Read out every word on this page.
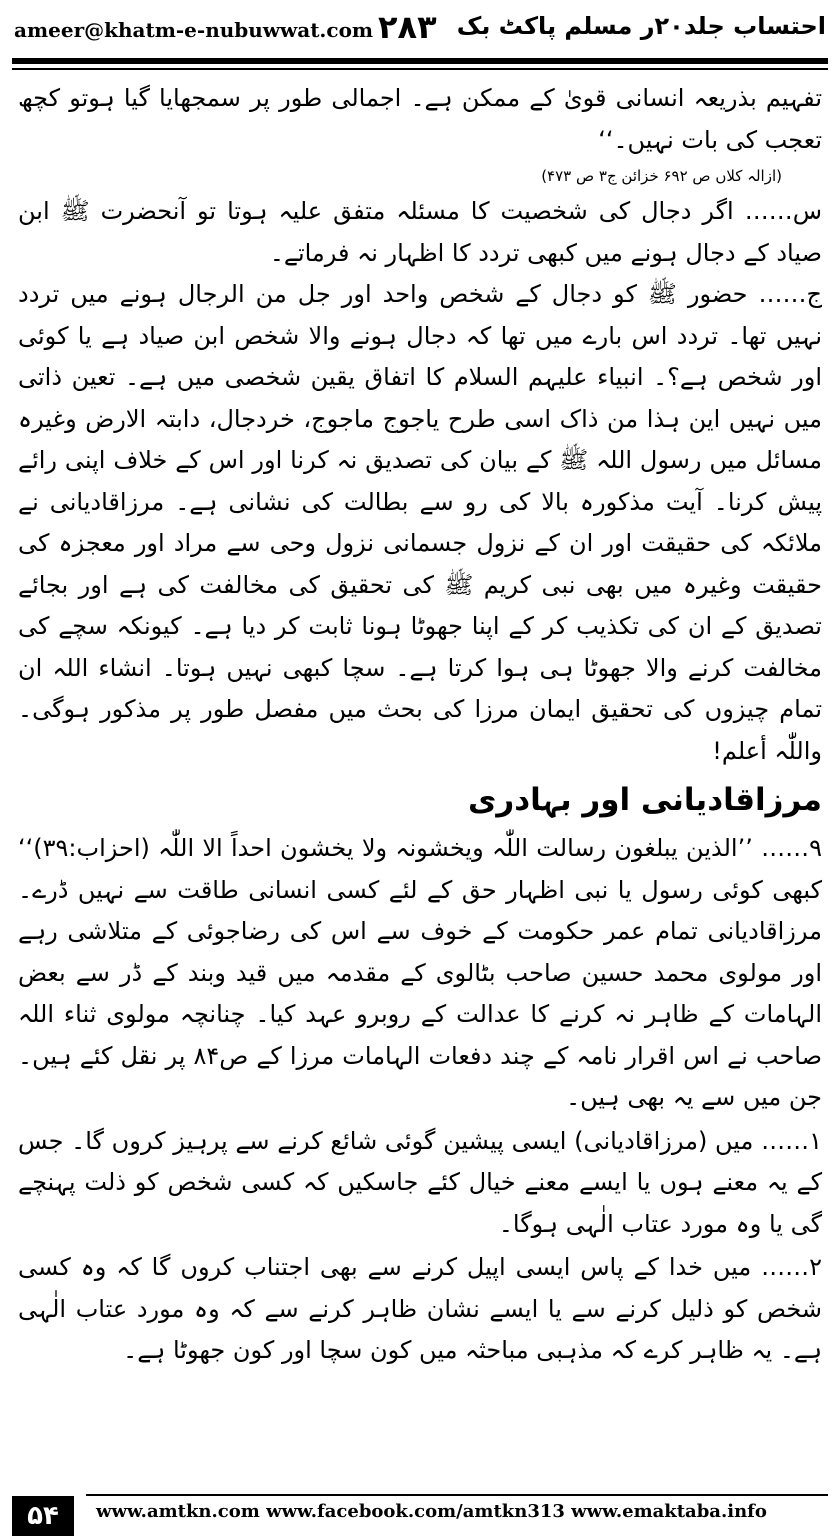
ameer@khatm-e-nubuwwat.com ۲۸۳ احتساب جلد۲۰ر مسلم پاکٹ بک

تفہیم بذریعہ انسانی قویٰ کے ممکن ہے۔ اجمالی طور پر سمجھایا گیا ہوتو کچھ تعجب کی بات نہیں۔‘‘

(ازالہ کلاں ص ۶۹۲ خزائن ج۳ ص ۴۷۳)

س…… اگر دجال کی شخصیت کا مسئلہ متفق علیہ ہوتا تو آنحضرت ﷺ ابن صیاد کے دجال ہونے میں کبھی تردد کا اظہار نہ فرماتے۔

ج…… حضور ﷺ کو دجال کے شخص واحد اور جل من الرجال ہونے میں تردد نہیں تھا۔ تردد اس بارے میں تھا کہ دجال ہونے والا شخص ابن صیاد ہے یا کوئی اور شخص ہے؟۔ انبیاء علیہم السلام کا اتفاق یقین شخصی میں ہے۔ تعین ذاتی میں نہیں این ہذا من ذاک اسی طرح یاجوج ماجوج، خردجال، دابتہ الارض وغیرہ مسائل میں رسول اللہ ﷺ کے بیان کی تصدیق نہ کرنا اور اس کے خلاف اپنی رائے پیش کرنا۔ آیت مذکورہ بالا کی رو سے بطالت کی نشانی ہے۔ مرزاقادیانی نے ملائکہ کی حقیقت اور ان کے نزول جسمانی نزول وحی سے مراد اور معجزہ کی حقیقت وغیرہ میں بھی نبی کریم ﷺ کی تحقیق کی مخالفت کی ہے اور بجائے تصدیق کے ان کی تکذیب کر کے اپنا جھوٹا ہونا ثابت کر دیا ہے۔ کیونکہ سچے کی مخالفت کرنے والا جھوٹا ہی ہوا کرتا ہے۔ سچا کبھی نہیں ہوتا۔ انشاء اللہ ان تمام چیزوں کی تحقیق ایمان مرزا کی بحث میں مفصل طور پر مذکور ہوگی۔ واللّٰہ أعلم!

مرزاقادیانی اور بہادری

۹…… ’’الذین یبلغون رسالت اللّٰہ ویخشونہ ولا یخشون احداً الا اللّٰہ (احزاب:۳۹)‘‘ کبھی کوئی رسول یا نبی اظہار حق کے لئے کسی انسانی طاقت سے نہیں ڈرے۔ مرزاقادیانی تمام عمر حکومت کے خوف سے اس کی رضاجوئی کے متلاشی رہے اور مولوی محمد حسین صاحب بٹالوی کے مقدمہ میں قید وبند کے ڈر سے بعض الہامات کے ظاہر نہ کرنے کا عدالت کے روبرو عہد کیا۔ چنانچہ مولوی ثناء اللہ صاحب نے اس اقرار نامہ کے چند دفعات الہامات مرزا کے ص۸۴ پر نقل کئے ہیں۔ جن میں سے یہ بھی ہیں۔

۱…… میں (مرزاقادیانی) ایسی پیشین گوئی شائع کرنے سے پرہیز کروں گا۔ جس کے یہ معنے ہوں یا ایسے معنے خیال کئے جاسکیں کہ کسی شخص کو ذلت پہنچے گی یا وہ مورد عتاب الٰہی ہوگا۔

۲…… میں خدا کے پاس ایسی اپیل کرنے سے بھی اجتناب کروں گا کہ وہ کسی شخص کو ذلیل کرنے سے یا ایسے نشان ظاہر کرنے سے کہ وہ مورد عتاب الٰہی ہے۔ یہ ظاہر کرے کہ مذہبی مباحثہ میں کون سچا اور کون جھوٹا ہے۔

۵۴	www.amtkn.com www.facebook.com/amtkn313 www.emaktaba.info
